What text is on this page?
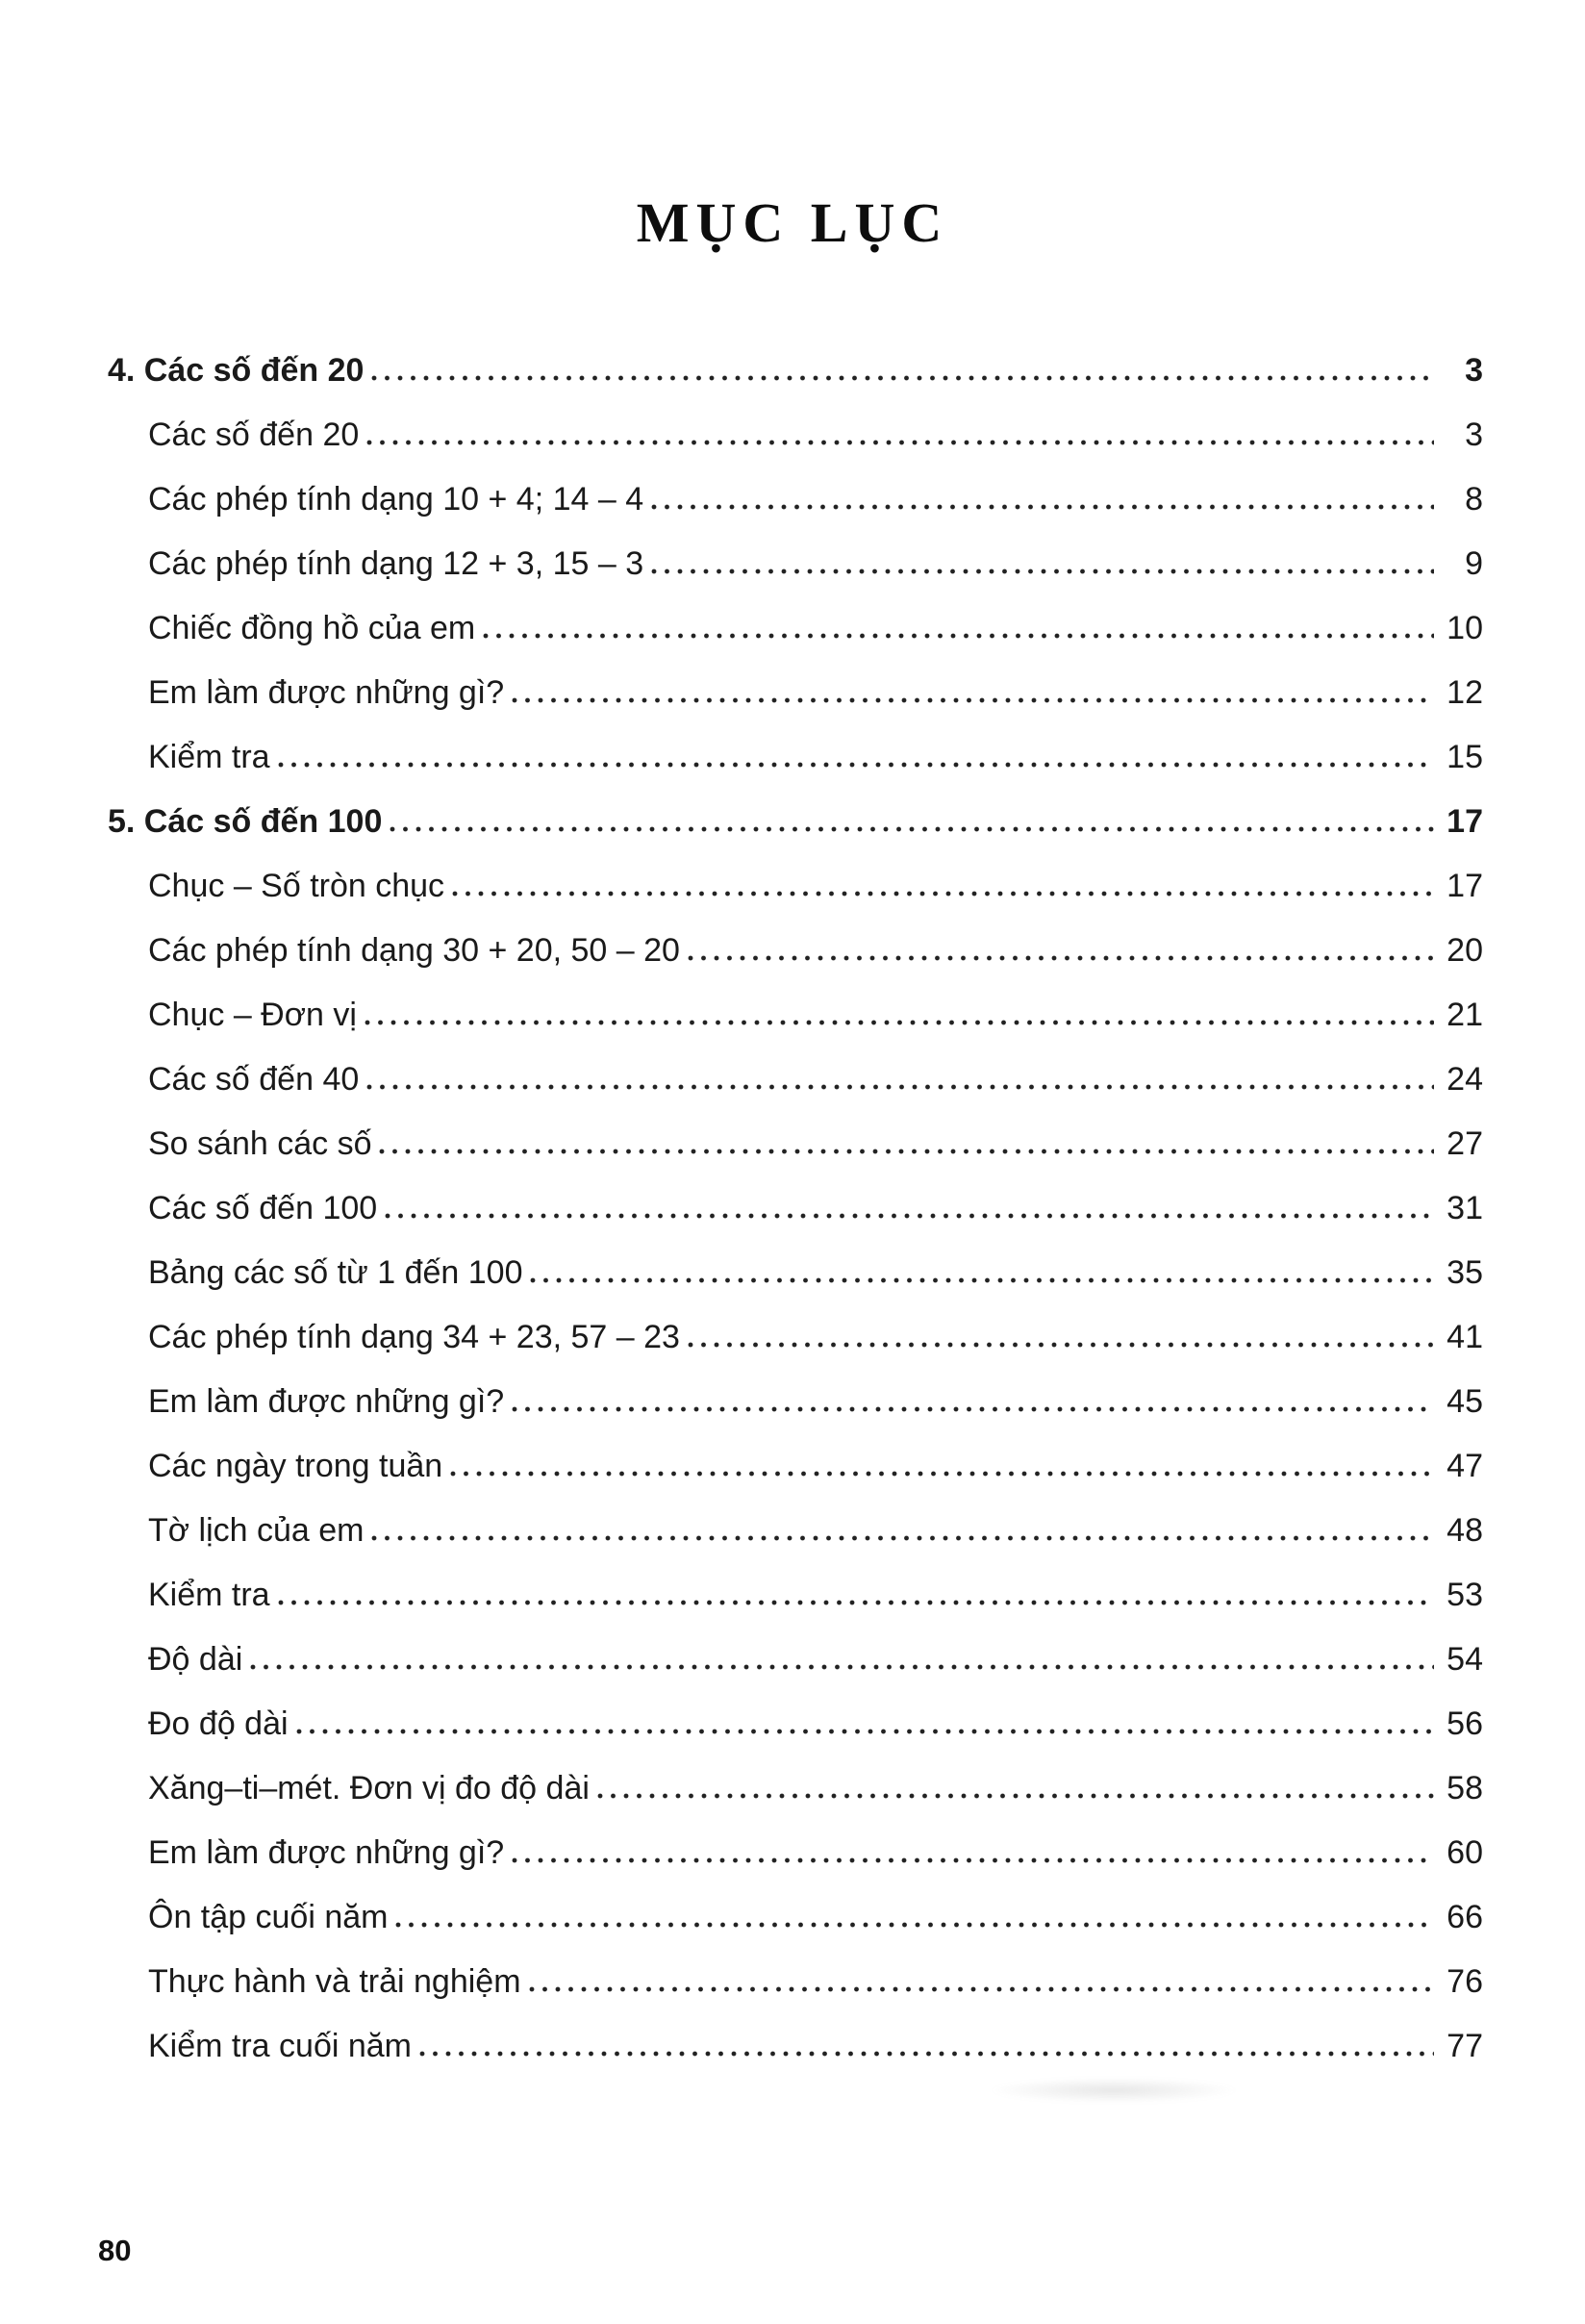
MỤC LỤC
4. Các số đến 20	3
Các số đến 20	3
Các phép tính dạng 10 + 4; 14 – 4	8
Các phép tính dạng 12 + 3, 15 – 3	9
Chiếc đồng hồ của em	10
Em làm được những gì?	12
Kiểm tra	15
5. Các số đến 100	17
Chục – Số tròn chục	17
Các phép tính dạng 30 + 20, 50 – 20	20
Chục – Đơn vị	21
Các số đến 40	24
So sánh các số	27
Các số đến 100	31
Bảng các số từ 1 đến 100	35
Các phép tính dạng 34 + 23, 57 – 23	41
Em làm được những gì?	45
Các ngày trong tuần	47
Tờ lịch của em	48
Kiểm tra	53
Độ dài	54
Đo độ dài	56
Xăng–ti–mét. Đơn vị đo độ dài	58
Em làm được những gì?	60
Ôn tập cuối năm	66
Thực hành và trải nghiệm	76
Kiểm tra cuối năm	77
80
